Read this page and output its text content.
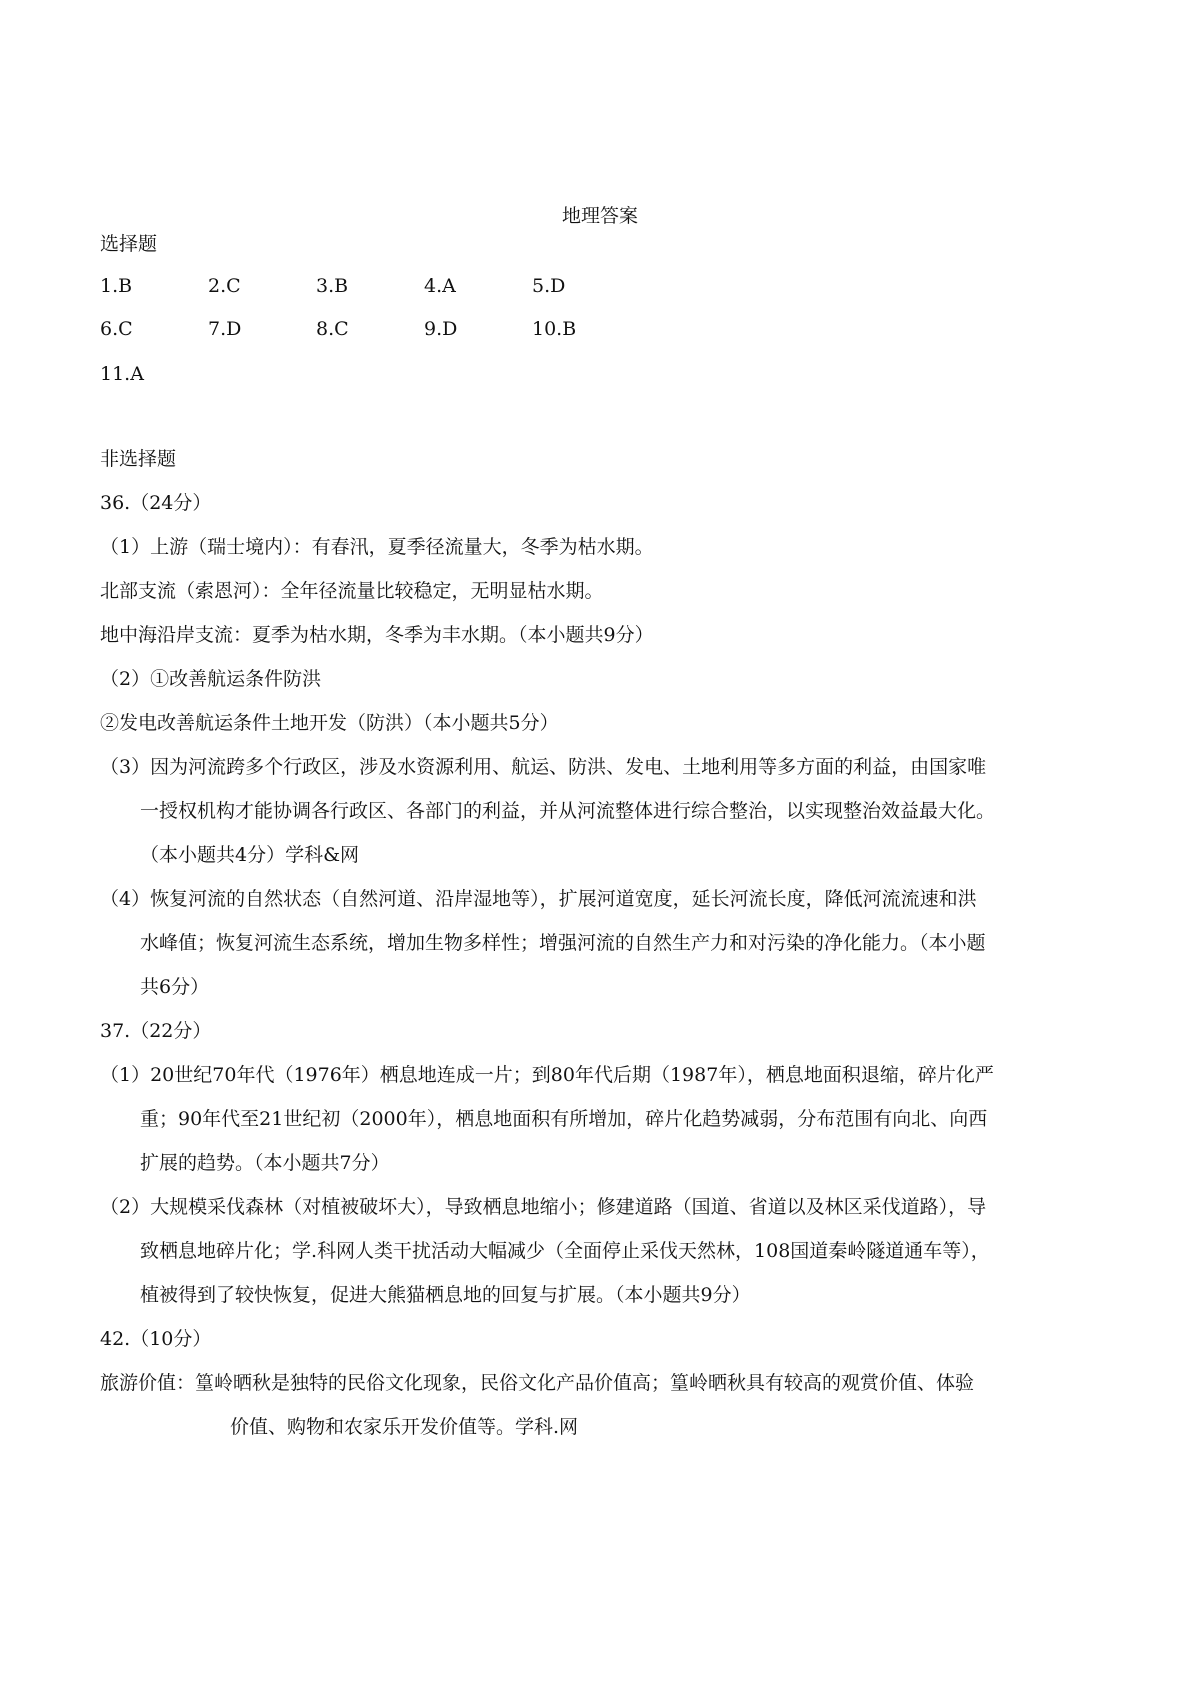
地理答案
选择题
1.B	2.C	3.B	4.A	5.D
6.C	7.D	8.C	9.D	10.B
11.A
非选择题
36.（24分）
（1）上游（瑞士境内）：有春汛，夏季径流量大，冬季为枯水期。
北部支流（索恩河）：全年径流量比较稳定，无明显枯水期。
地中海沿岸支流：夏季为枯水期，冬季为丰水期。（本小题共9分）
（2）①改善航运条件防洪
②发电改善航运条件土地开发（防洪）（本小题共5分）
（3）因为河流跨多个行政区，涉及水资源利用、航运、防洪、发电、土地利用等多方面的利益，由国家唯
一授权机构才能协调各行政区、各部门的利益，并从河流整体进行综合整治，以实现整治效益最大化。
（本小题共4分）学科&网
（4）恢复河流的自然状态（自然河道、沿岸湿地等），扩展河道宽度，延长河流长度，降低河流流速和洪
水峰值；恢复河流生态系统，增加生物多样性；增强河流的自然生产力和对污染的净化能力。（本小题
共6分）
37.（22分）
（1）20世纪70年代（1976年）栖息地连成一片；到80年代后期（1987年），栖息地面积退缩，碎片化严
重；90年代至21世纪初（2000年），栖息地面积有所增加，碎片化趋势减弱，分布范围有向北、向西
扩展的趋势。（本小题共7分）
（2）大规模采伐森林（对植被破坏大），导致栖息地缩小；修建道路（国道、省道以及林区采伐道路），导
致栖息地碎片化；学.科网人类干扰活动大幅减少（全面停止采伐天然林，108国道秦岭隧道通车等），
植被得到了较快恢复，促进大熊猫栖息地的回复与扩展。（本小题共9分）
42.（10分）
旅游价值：篁岭晒秋是独特的民俗文化现象，民俗文化产品价值高；篁岭晒秋具有较高的观赏价值、体验
价值、购物和农家乐开发价值等。学科.网
